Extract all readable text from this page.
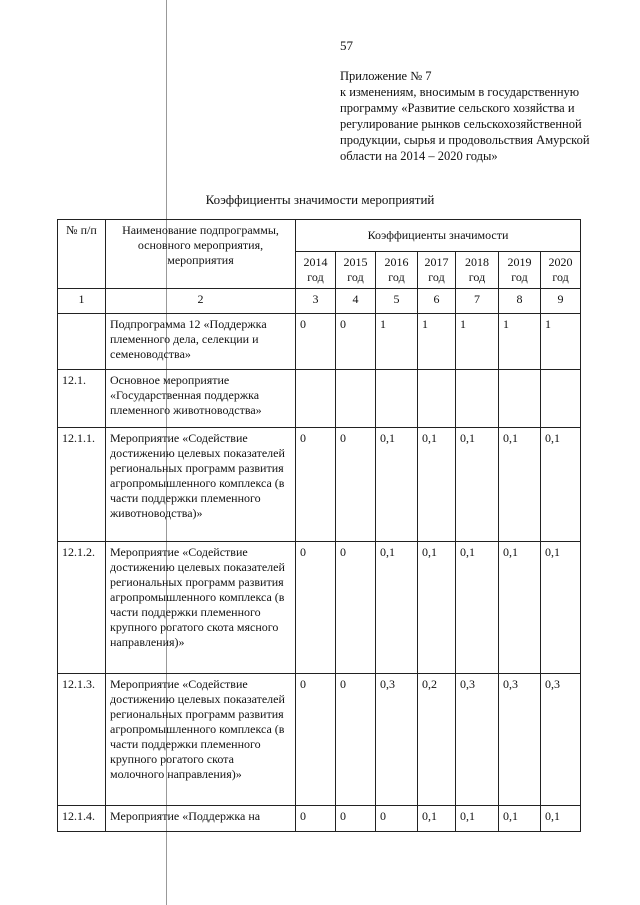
57
Приложение № 7
к изменениям, вносимым в государственную программу «Развитие сельского хозяйства и регулирование рынков сельскохозяйственной продукции, сырья и продовольствия Амурской области на 2014 – 2020 годы»
Коэффициенты значимости мероприятий
№ п/п	Наименование подпрограммы, основного мероприятия, мероприятия	Коэффициенты значимости						
		2014 год	2015 год	2016 год	2017 год	2018 год	2019 год	2020 год
1	2	3	4	5	6	7	8	9
	Подпрограмма 12 «Поддержка племенного дела, селекции и семеноводства»	0	0	1	1	1	1	1
12.1.	Основное мероприятие «Государственная поддержка племенного животноводства»							
12.1.1.	Мероприятие «Содействие достижению целевых показателей региональных программ развития агропромышленного комплекса (в части поддержки племенного животноводства)»	0	0	0,1	0,1	0,1	0,1	0,1
12.1.2.	Мероприятие «Содействие достижению целевых показателей региональных программ развития агропромышленного комплекса (в части поддержки племенного крупного рогатого скота мясного направления)»	0	0	0,1	0,1	0,1	0,1	0,1
12.1.3.	Мероприятие «Содействие достижению целевых показателей региональных программ развития агропромышленного комплекса (в части поддержки племенного крупного рогатого скота молочного направления)»	0	0	0,3	0,2	0,3	0,3	0,3
12.1.4.	Мероприятие «Поддержка на	0	0	0	0,1	0,1	0,1	0,1
